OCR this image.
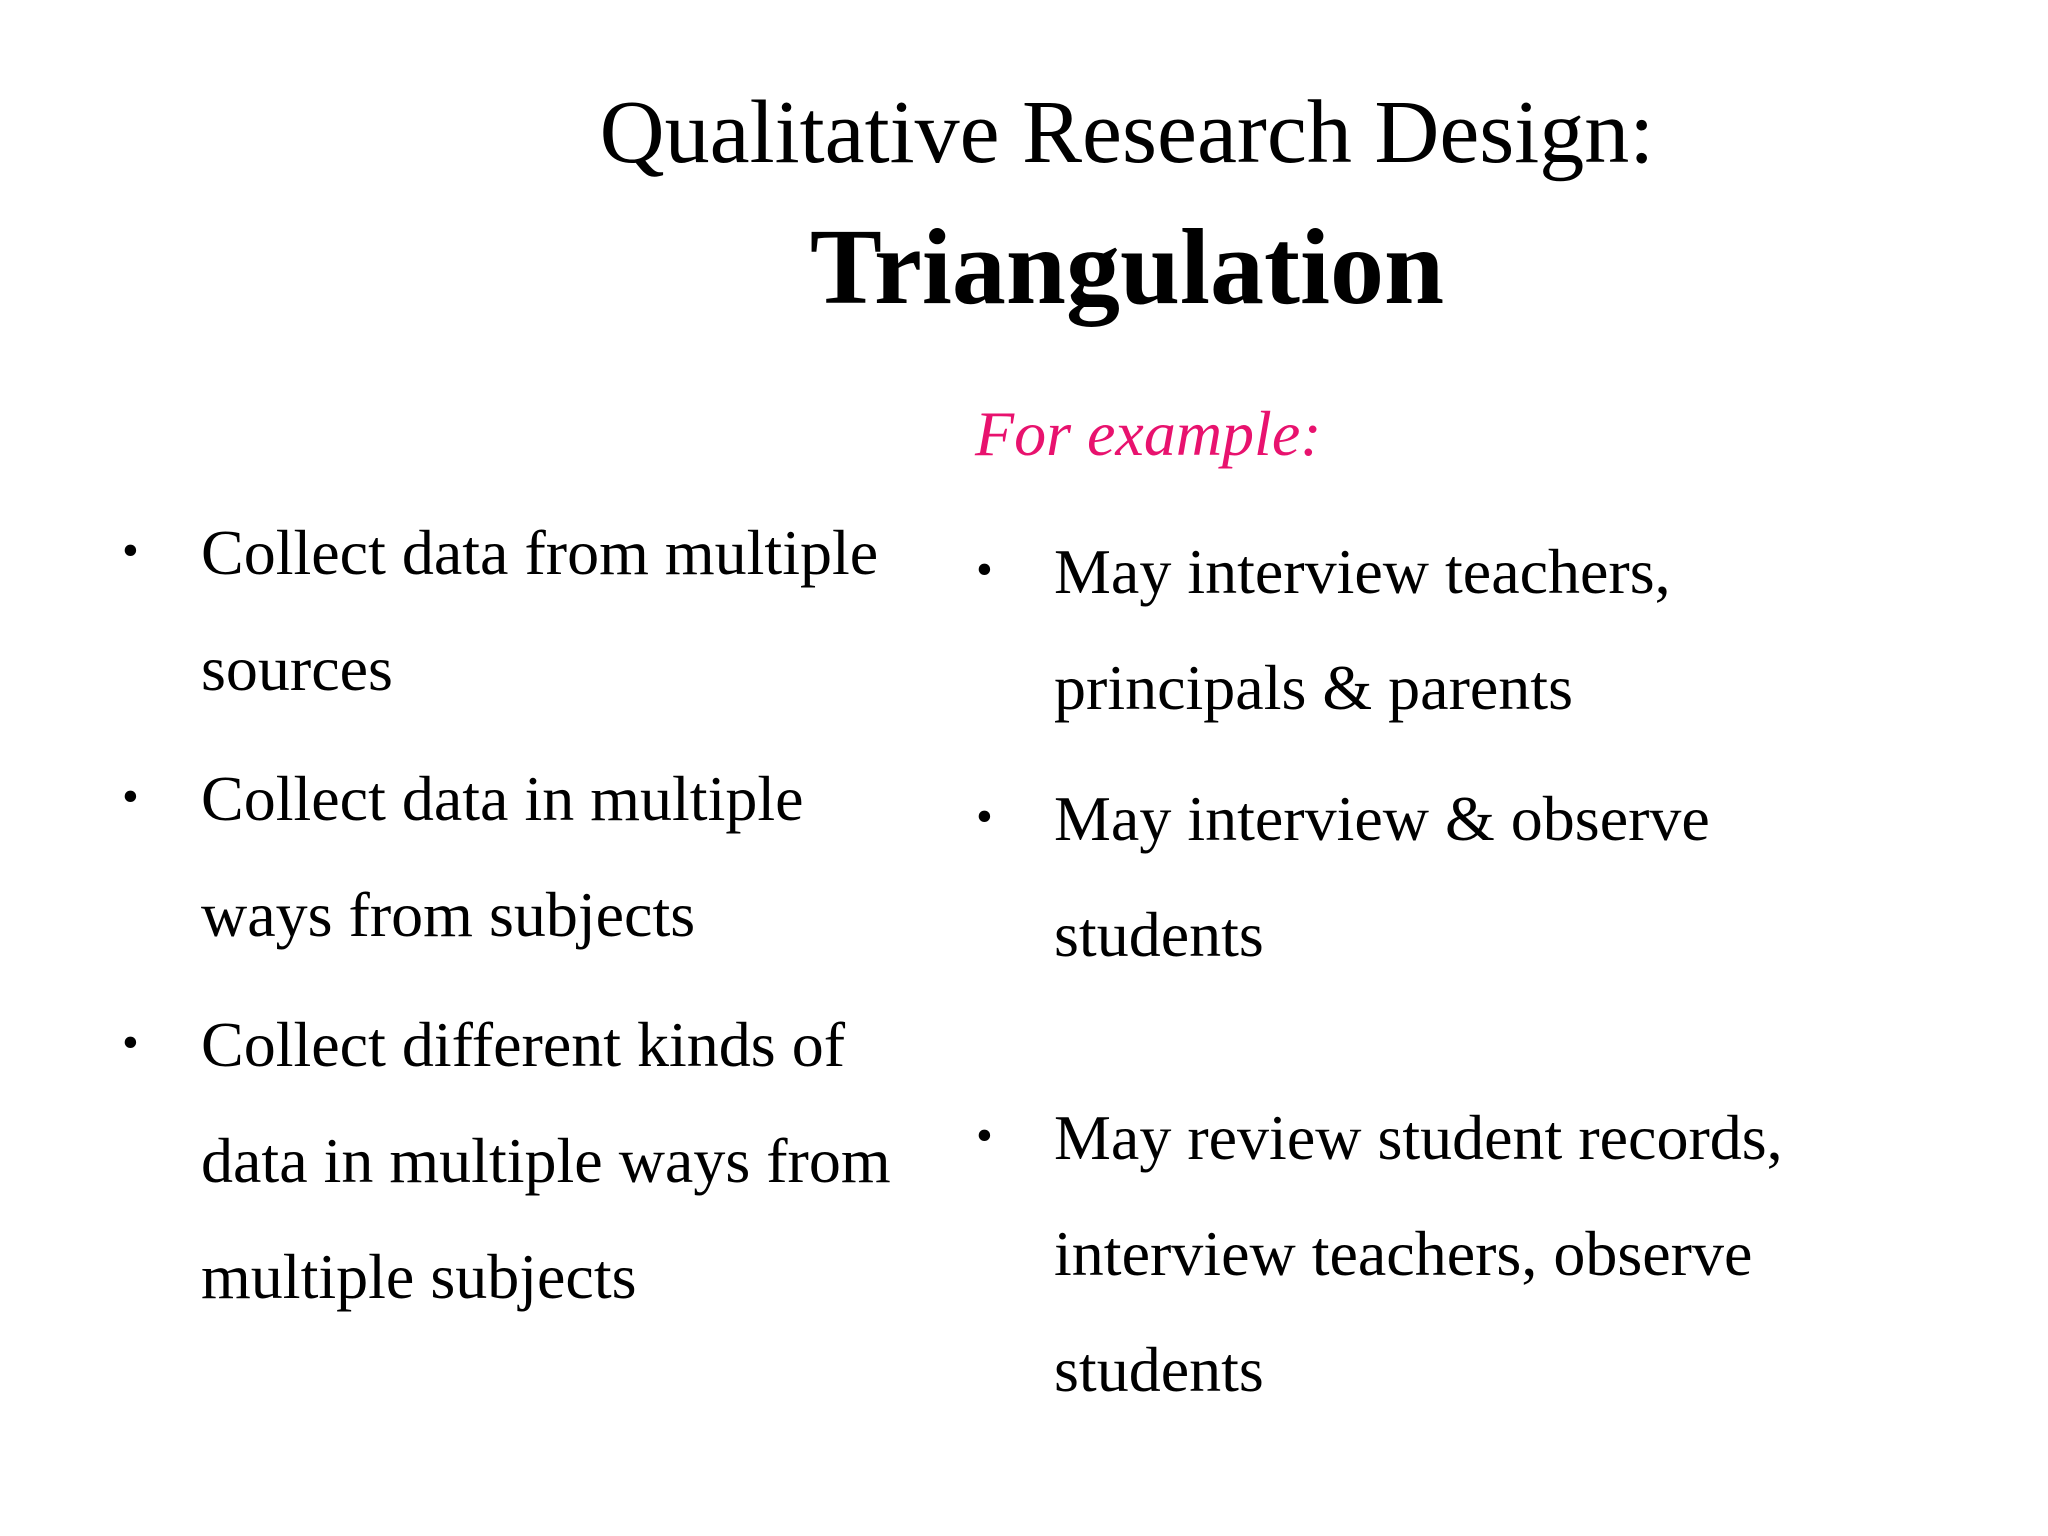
Qualitative Research Design:
Triangulation
For example:
• Collect data from multiple
sources
• Collect data in multiple
ways from subjects
• Collect different kinds of
data in multiple ways from
multiple subjects
• May interview teachers,
principals & parents
• May interview & observe
students
• May review student records,
interview teachers, observe
students
